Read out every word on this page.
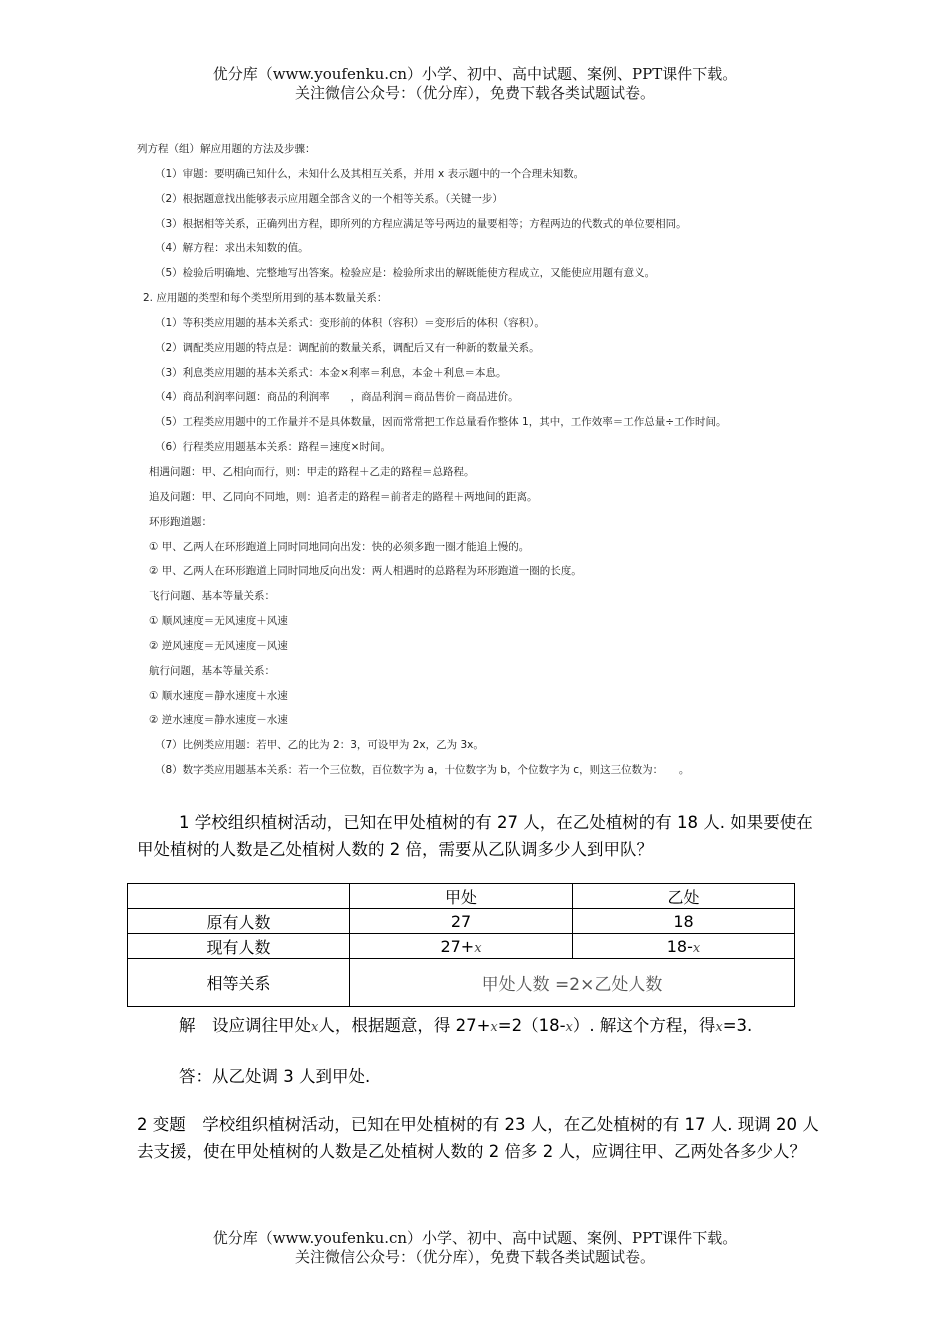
优分库（www.youfenku.cn）小学、初中、高中试题、案例、PPT课件下载。
关注微信公众号：（优分库），免费下载各类试题试卷。
列方程（组）解应用题的方法及步骤：
（1）审题：要明确已知什么，未知什么及其相互关系，并用 x 表示题中的一个合理未知数。
（2）根据题意找出能够表示应用题全部含义的一个相等关系。（关键一步）
（3）根据相等关系，正确列出方程，即所列的方程应满足等号两边的量要相等；方程两边的代数式的单位要相同。
（4）解方程：求出未知数的值。
（5）检验后明确地、完整地写出答案。检验应是：检验所求出的解既能使方程成立，又能使应用题有意义。
2. 应用题的类型和每个类型所用到的基本数量关系：
（1）等积类应用题的基本关系式：变形前的体积（容积）＝变形后的体积（容积）。
（2）调配类应用题的特点是：调配前的数量关系，调配后又有一种新的数量关系。
（3）利息类应用题的基本关系式：本金×利率＝利息，本金＋利息＝本息。
（4）商品利润率问题：商品的利润率　　，商品利润＝商品售价－商品进价。
（5）工程类应用题中的工作量并不是具体数量，因而常常把工作总量看作整体 1，其中，工作效率＝工作总量÷工作时间。
（6）行程类应用题基本关系：路程＝速度×时间。
相遇问题：甲、乙相向而行，则：甲走的路程＋乙走的路程＝总路程。
追及问题：甲、乙同向不同地，则：追者走的路程＝前者走的路程＋两地间的距离。
环形跑道题：
① 甲、乙两人在环形跑道上同时同地同向出发：快的必须多跑一圈才能追上慢的。
② 甲、乙两人在环形跑道上同时同地反向出发：两人相遇时的总路程为环形跑道一圈的长度。
飞行问题、基本等量关系：
① 顺风速度＝无风速度＋风速
② 逆风速度＝无风速度－风速
航行问题，基本等量关系：
① 顺水速度＝静水速度＋水速
② 逆水速度＝静水速度－水速
（7）比例类应用题：若甲、乙的比为 2：3，可设甲为 2x，乙为 3x。
（8）数字类应用题基本关系：若一个三位数，百位数字为 a，十位数字为 b，个位数字为 c，则这三位数为：　　。
1 学校组织植树活动，已知在甲处植树的有 27 人，在乙处植树的有 18 人. 如果要使在甲处植树的人数是乙处植树人数的 2 倍，需要从乙队调多少人到甲队？
	甲处	乙处
原有人数	27	18
现有人数	27+x	18-x
相等关系	甲处人数 =2×乙处人数	
解　设应调往甲处x人，根据题意，得 27+x=2（18-x）. 解这个方程，得x=3.
答：从乙处调 3 人到甲处.
2 变题　学校组织植树活动，已知在甲处植树的有 23 人，在乙处植树的有 17 人. 现调 20 人去支援，使在甲处植树的人数是乙处植树人数的 2 倍多 2 人，应调往甲、乙两处各多少人？
优分库（www.youfenku.cn）小学、初中、高中试题、案例、PPT课件下载。
关注微信公众号：（优分库），免费下载各类试题试卷。
